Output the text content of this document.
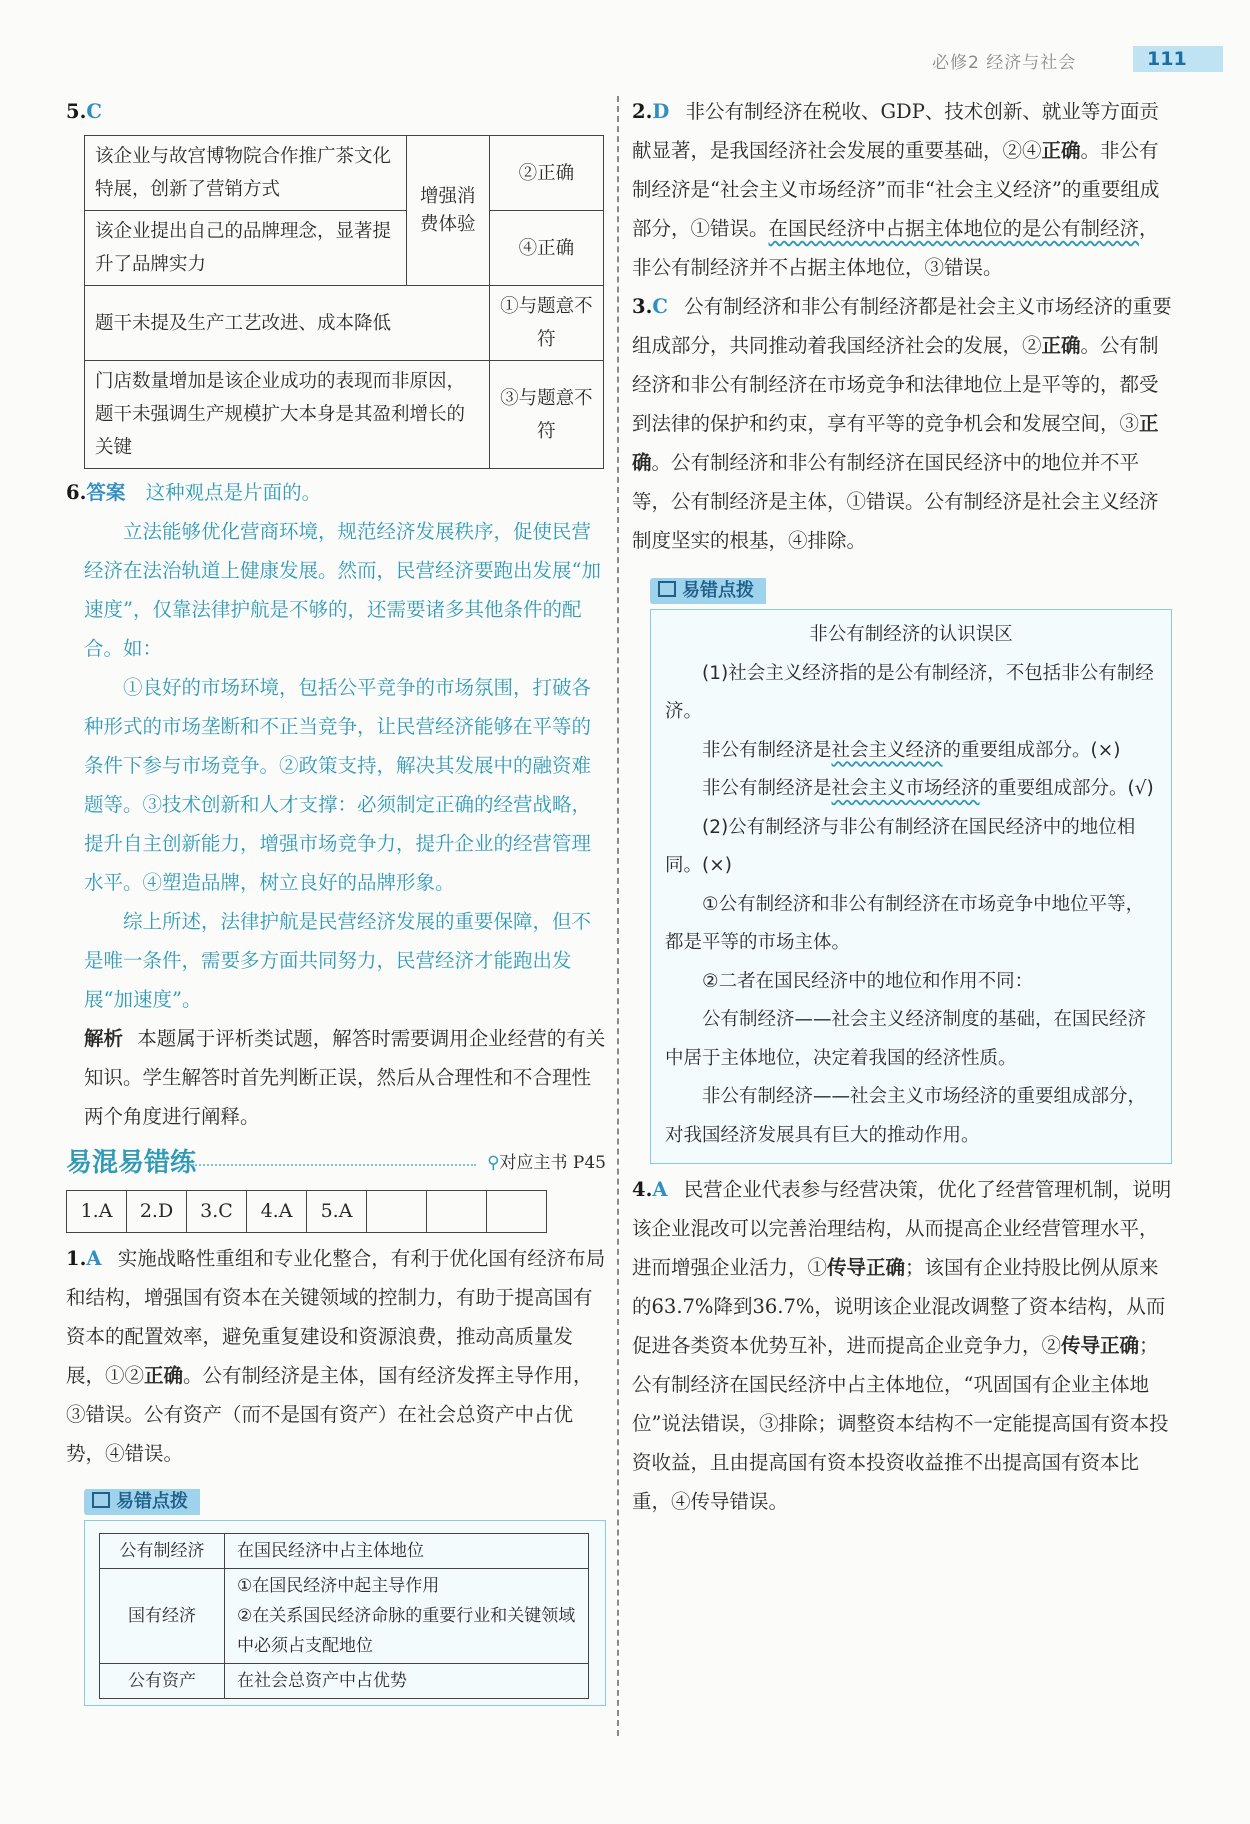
必修2 经济与社会	111
5.C
该企业与故宫博物院合作推广茶文化特展，创新了营销方式	增强消费体验	②正确
该企业提出自己的品牌理念，显著提升了品牌实力		④正确
题干未提及生产工艺改进、成本降低		①与题意不符
门店数量增加是该企业成功的表现而非原因，题干未强调生产规模扩大本身是其盈利增长的关键		③与题意不符
6.答案 这种观点是片面的。
立法能够优化营商环境，规范经济发展秩序，促使民营经济在法治轨道上健康发展。然而，民营经济要跑出发展“加速度”，仅靠法律护航是不够的，还需要诸多其他条件的配合。如：
①良好的市场环境，包括公平竞争的市场氛围，打破各种形式的市场垄断和不正当竞争，让民营经济能够在平等的条件下参与市场竞争。②政策支持，解决其发展中的融资难题等。③技术创新和人才支撑：必须制定正确的经营战略，提升自主创新能力，增强市场竞争力，提升企业的经营管理水平。④塑造品牌，树立良好的品牌形象。
综上所述，法律护航是民营经济发展的重要保障，但不是唯一条件，需要多方面共同努力，民营经济才能跑出发展“加速度”。
解析 本题属于评析类试题，解答时需要调用企业经营的有关知识。学生解答时首先判断正误，然后从合理性和不合理性两个角度进行阐释。
易混易错练	⚲对应主书 P45
1.A	2.D	3.C	4.A	5.A			
1.A 实施战略性重组和专业化整合，有利于优化国有经济布局和结构，增强国有资本在关键领域的控制力，有助于提高国有资本的配置效率，避免重复建设和资源浪费，推动高质量发展，①②正确。公有制经济是主体，国有经济发挥主导作用，③错误。公有资产（而不是国有资产）在社会总资产中占优势，④错误。
易错点拨
公有制经济	在国民经济中占主体地位
国有经济	①在国民经济中起主导作用
②在关系国民经济命脉的重要行业和关键领域中必须占支配地位
公有资产	在社会总资产中占优势
2.D 非公有制经济在税收、GDP、技术创新、就业等方面贡献显著，是我国经济社会发展的重要基础，②④正确。非公有制经济是“社会主义市场经济”而非“社会主义经济”的重要组成部分，①错误。在国民经济中占据主体地位的是公有制经济，非公有制经济并不占据主体地位，③错误。
3.C 公有制经济和非公有制经济都是社会主义市场经济的重要组成部分，共同推动着我国经济社会的发展，②正确。公有制经济和非公有制经济在市场竞争和法律地位上是平等的，都受到法律的保护和约束，享有平等的竞争机会和发展空间，③正确。公有制经济和非公有制经济在国民经济中的地位并不平等，公有制经济是主体，①错误。公有制经济是社会主义经济制度坚实的根基，④排除。
易错点拨
非公有制经济的认识误区
(1)社会主义经济指的是公有制经济，不包括非公有制经济。
非公有制经济是社会主义经济的重要组成部分。(×)
非公有制经济是社会主义市场经济的重要组成部分。(√)
(2)公有制经济与非公有制经济在国民经济中的地位相同。(×)
①公有制经济和非公有制经济在市场竞争中地位平等，都是平等的市场主体。
②二者在国民经济中的地位和作用不同：
公有制经济——社会主义经济制度的基础，在国民经济中居于主体地位，决定着我国的经济性质。
非公有制经济——社会主义市场经济的重要组成部分，对我国经济发展具有巨大的推动作用。
4.A 民营企业代表参与经营决策，优化了经营管理机制，说明该企业混改可以完善治理结构，从而提高企业经营管理水平，进而增强企业活力，①传导正确；该国有企业持股比例从原来的63.7%降到36.7%，说明该企业混改调整了资本结构，从而促进各类资本优势互补，进而提高企业竞争力，②传导正确；公有制经济在国民经济中占主体地位，“巩固国有企业主体地位”说法错误，③排除；调整资本结构不一定能提高国有资本投资收益，且由提高国有资本投资收益推不出提高国有资本比重，④传导错误。
